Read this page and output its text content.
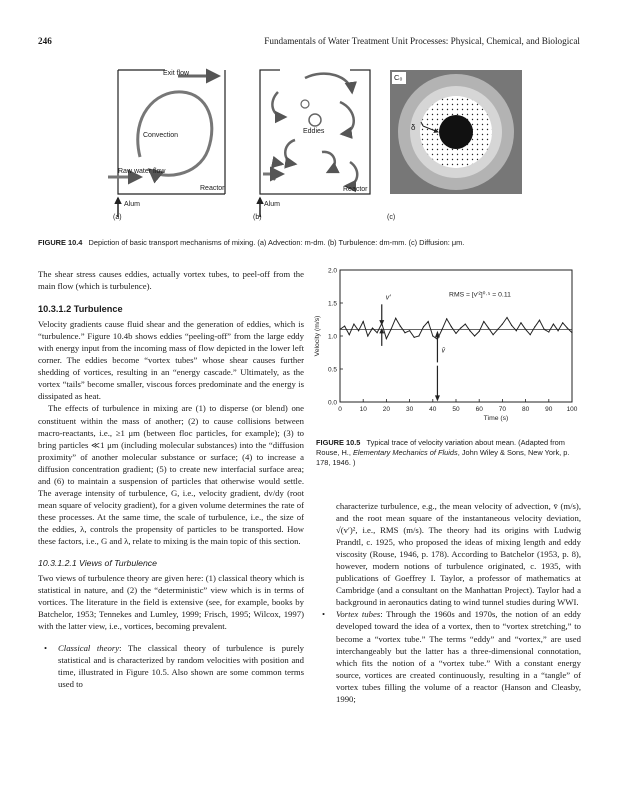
246	Fundamentals of Water Treatment Unit Processes: Physical, Chemical, and Biological
Exit flow
Convection
Raw water flow
Reactor
Alum
(a)
Eddies
Reactor
Alum
(b)
C₀
δ
(c)
FIGURE 10.4 Depiction of basic transport mechanisms of mixing. (a) Advection: m-dm. (b) Turbulence: dm-mm. (c) Diffusion: μm.

The shear stress causes eddies, actually vortex tubes, to peel-off from the main flow (which is turbulence).

10.3.1.2 Turbulence

Velocity gradients cause fluid shear and the generation of eddies, which is “turbulence.” Figure 10.4b shows eddies “peeling-off” from the large eddy with energy input from the incoming mass of flow depicted in the lower left corner. The eddies become “vortex tubes” whose shear causes further shedding of vortices, resulting in an “energy cascade.” Ultimately, as the vortex “tails” become smaller, viscous forces predominate and the energy is dissipated as heat.

The effects of turbulence in mixing are (1) to disperse (or blend) one constituent within the mass of another; (2) to cause collisions between macro-reactants, i.e., ≥1 μm (between floc particles, for example); (3) to bring particles ≪1 μm (including molecular substances) into the “diffusion proximity” of another molecular substance or surface; (4) to increase a diffusion concentration gradient; (5) to create new interfacial surface area; and (6) to maintain a suspension of particles that otherwise would settle. The average intensity of turbulence, G, i.e., velocity gradient, dv/dy (root mean square of velocity gradient), for a given volume determines the rate of these processes. At the same time, the scale of turbulence, i.e., the size of the eddies, λ, controls the propensity of particles to be transported. How these factors, i.e., G and λ, relate to mixing is the main topic of this section.

10.3.1.2.1 Views of Turbulence

Two views of turbulence theory are given here: (1) classical theory which is statistical in nature, and (2) the “deterministic” view which is in terms of vortices. The literature in the field is extensive (see, for example, books by Batchelor, 1953; Tennekes and Lumley, 1999; Frisch, 1995; Wilcox, 1997) with the latter view, i.e., vortices, becoming prevalent.

• Classical theory: The classical theory of turbulence is purely statistical and is characterized by random velocities with position and time, illustrated in Figure 10.5. Also shown are some common terms used to
0	10 20 30 40 50 60 70 80 90 100
0.0
0.5
1.0
1.5
2.0
Time (s)
Velocity (m/s)
v′
v̄
RMS = [v′²]⁰·⁵ = 0.11
FIGURE 10.5 Typical trace of velocity variation about mean. (Adapted from Rouse, H., Elementary Mechanics of Fluids, John Wiley & Sons, New York, p. 178, 1946. )

characterize turbulence, e.g., the mean velocity of advection, v̄ (m/s), and the root mean square of the instantaneous velocity deviation, √(v′)², i.e., RMS (m/s). The theory had its origins with Ludwig Prandtl, c. 1925, who proposed the ideas of mixing length and eddy viscosity (Rouse, 1946, p. 178). According to Batchelor (1953, p. 8), however, modern notions of turbulence originated, c. 1935, with publications of Goeffrey I. Taylor, a professor of mathematics at Cambridge (and a consultant on the Manhattan Project). Taylor had a background in aeronautics dating to wind tunnel studies during WWI.

• Vortex tubes: Through the 1960s and 1970s, the notion of an eddy developed toward the idea of a vortex, then to “vortex stretching,” to become a “vortex tube.” The terms “eddy” and “vortex,” are used interchangeably but the latter has a three-dimensional connotation, which fits the notion of a “vortex tube.” With a constant energy source, vortices are created continuously, resulting in a “tangle” of vortex tubes filling the volume of a reactor (Hanson and Cleasby, 1990;
